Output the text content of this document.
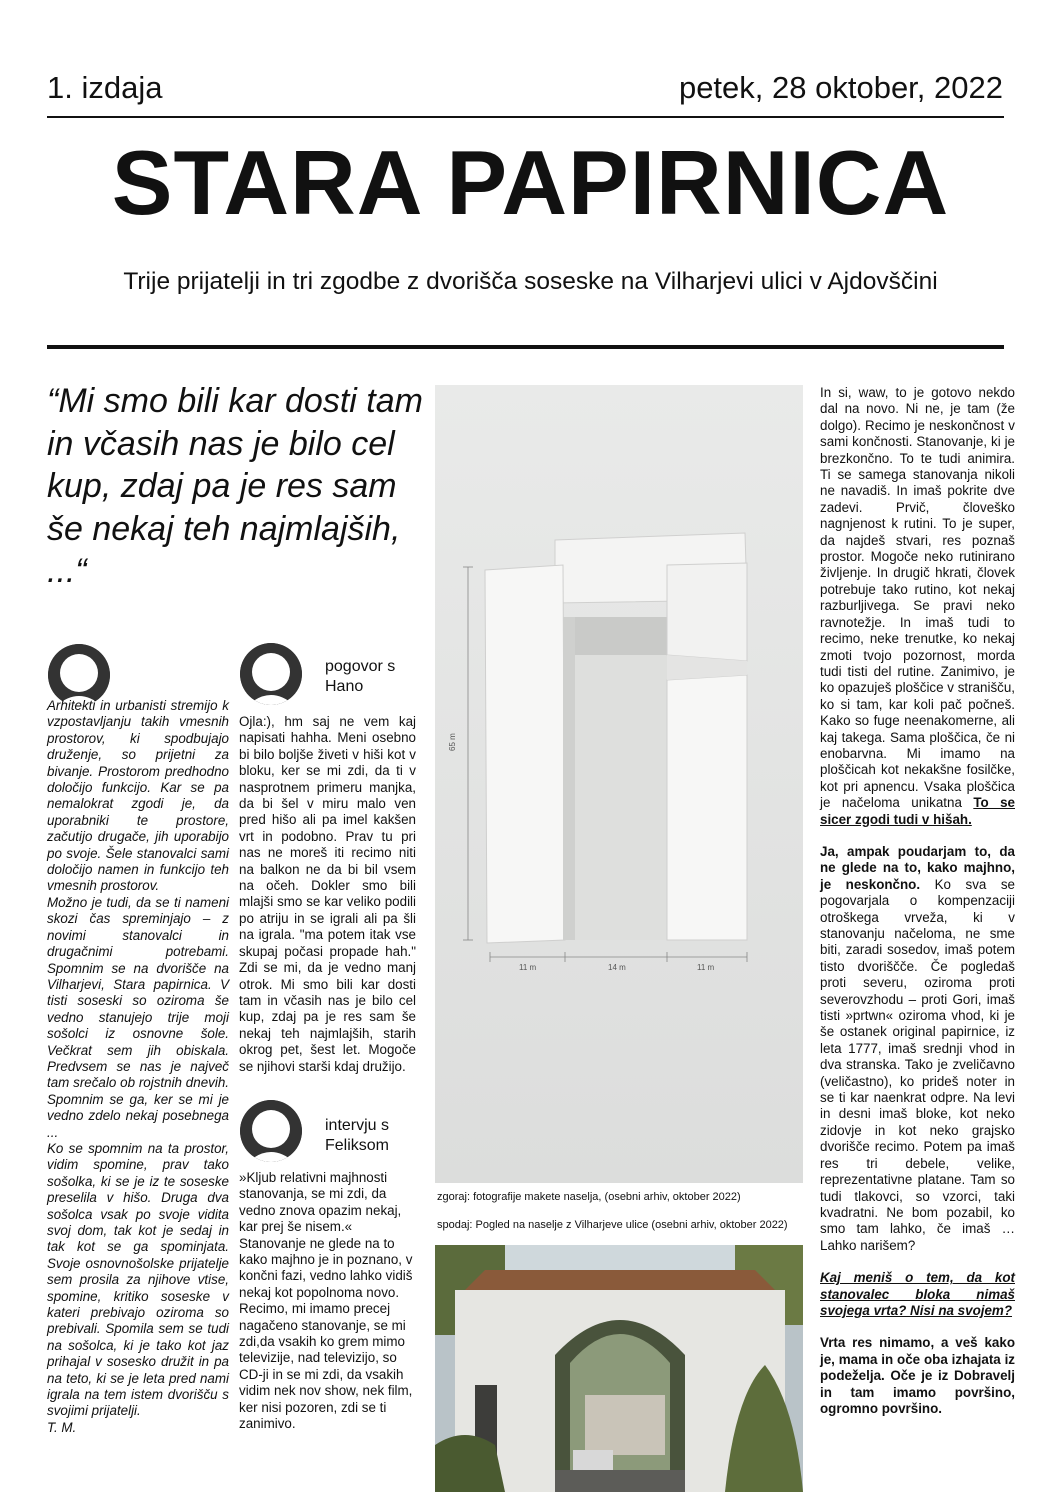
1. izdaja	petek, 28 oktober, 2022
STARA PAPIRNICA
Trije prijatelji in tri zgodbe z dvorišča soseske na Vilharjevi ulici v Ajdovščini
“Mi smo bili kar dosti tam in včasih nas je bilo cel kup, zdaj pa je res sam še nekaj teh najmlajših, ...“

Arhitekti in urbanisti stremijo k vzpostavljanju takih vmesnih prostorov, ki spodbujajo druženje, so prijetni za bivanje. Prostorom predhodno določijo funkcijo. Kar se pa nemalokrat zgodi je, da uporabniki te prostore, začutijo drugače, jih uporabijo po svoje. Šele stanovalci sami določijo namen in funkcijo teh vmesnih prostorov.

Možno je tudi, da se ti nameni skozi čas spreminjajo – z novimi stanovalci in drugačnimi potrebami. Spomnim se na dvorišče na Vilharjevi, Stara papirnica. V tisti soseski so oziroma še vedno stanujejo trije moji sošolci iz osnovne šole. Večkrat sem jih obiskala. Predvsem se nas je največ tam srečalo ob rojstnih dnevih. Spomnim se ga, ker se mi je vedno zdelo nekaj posebnega ...

Ko se spomnim na ta prostor, vidim spomine, prav tako sošolka, ki se je iz te soseske preselila v hišo. Druga dva sošolca vsak po svoje vidita svoj dom, tak kot je sedaj in tak kot se ga spominjata. Svoje osnovnošolske prijatelje sem prosila za njihove vtise, spomine, kritiko soseske v kateri prebivajo oziroma so prebivali. Spomila sem se tudi na sošolca, ki je tako kot jaz prihajal v sosesko družit in pa na teto, ki se je leta pred nami igrala na tem istem dvorišču s svojimi prijatelji.

T. M.

pogovor s Hano

Ojla:), hm saj ne vem kaj napisati hahha. Meni osebno bi bilo boljše živeti v hiši kot v bloku, ker se mi zdi, da ti v nasprotnem primeru manjka, da bi šel v miru malo ven pred hišo ali pa imel kakšen vrt in podobno. Prav tu pri nas ne moreš iti recimo niti na balkon ne da bi bil vsem na očeh. Dokler smo bili mlajši smo se kar veliko podili po atriju in se igrali ali pa šli na igrala. "ma potem itak vse skupaj počasi propade hah." Zdi se mi, da je vedno manj otrok. Mi smo bili kar dosti tam in včasih nas je bilo cel kup, zdaj pa je res sam še nekaj teh najmlajših, starih okrog pet, šest let. Mogoče se njihovi starši kdaj družijo.

intervju s Feliksom

»Kljub relativni majhnosti stanovanja, se mi zdi, da vedno znova opazim nekaj, kar prej še nisem.«

Stanovanje ne glede na to kako majhno je in poznano, v končni fazi, vedno lahko vidiš nekaj kot popolnoma novo. Recimo, mi imamo precej nagačeno stanovanje, se mi zdi,da vsakih ko grem mimo televizije, nad televizijo, so CD-ji in se mi zdi, da vsakih vidim nek nov show, nek film, ker nisi pozoren, zdi se ti zanimivo.

65 m
11 m	14 m	11 m
zgoraj: fotografije makete naselja, (osebni arhiv, oktober 2022)
spodaj: Pogled na naselje z Vilharjeve ulice (osebni arhiv, oktober 2022)

In si, waw, to je gotovo nekdo dal na novo. Ni ne, je tam (že dolgo). Recimo je neskončnost v sami končnosti. Stanovanje, ki je brezkončno. To te tudi animira. Ti se samega stanovanja nikoli ne navadiš. In imaš pokrite dve zadevi. Prvič, človeško nagnjenost k rutini. To je super, da najdeš stvari, res poznaš prostor. Mogoče neko rutinirano življenje. In drugič hkrati, človek potrebuje tako rutino, kot nekaj razburljivega. Se pravi neko ravnotežje. In imaš tudi to recimo, neke trenutke, ko nekaj zmoti tvojo pozornost, morda tudi tisti del rutine. Zanimivo, je ko opazuješ ploščice v stranišču, ko si tam, kar koli pač počneš. Kako so fuge neenakomerne, ali kaj takega. Sama ploščica, če ni enobarvna. Mi imamo na ploščicah kot nekakšne fosilčke, kot pri apnencu. Vsaka ploščica je načeloma unikatna To se sicer zgodi tudi v hišah.

Ja, ampak poudarjam to, da ne glede na to, kako majhno, je neskončno. Ko sva se pogovarjala o kompenzaciji otroškega vrveža, ki v stanovanju načeloma, ne sme biti, zaradi sosedov, imaš potem tisto dvoriščče. Če pogledaš proti severu, oziroma proti severovzhodu – proti Gori, imaš tisti »prtwn« oziroma vhod, ki je še ostanek original papirnice, iz leta 1777, imaš srednji vhod in dva stranska. Tako je zveličavno (veličastno), ko prideš noter in se ti kar naenkrat odpre. Na levi in desni imaš bloke, kot neko zidovje in kot neko grajsko dvorišče recimo. Potem pa imaš res tri debele, velike, reprezentativne platane. Tam so tudi tlakovci, so vzorci, taki kvadratni. Ne bom pozabil, ko smo tam lahko, če imaš … Lahko narišem?

Kaj meniš o tem, da kot stanovalec bloka nimaš svojega vrta? Nisi na svojem?

Vrta res nimamo, a veš kako je, mama in oče oba izhajata iz podeželja. Oče je iz Dobravelj in tam imamo površino, ogromno površino.
